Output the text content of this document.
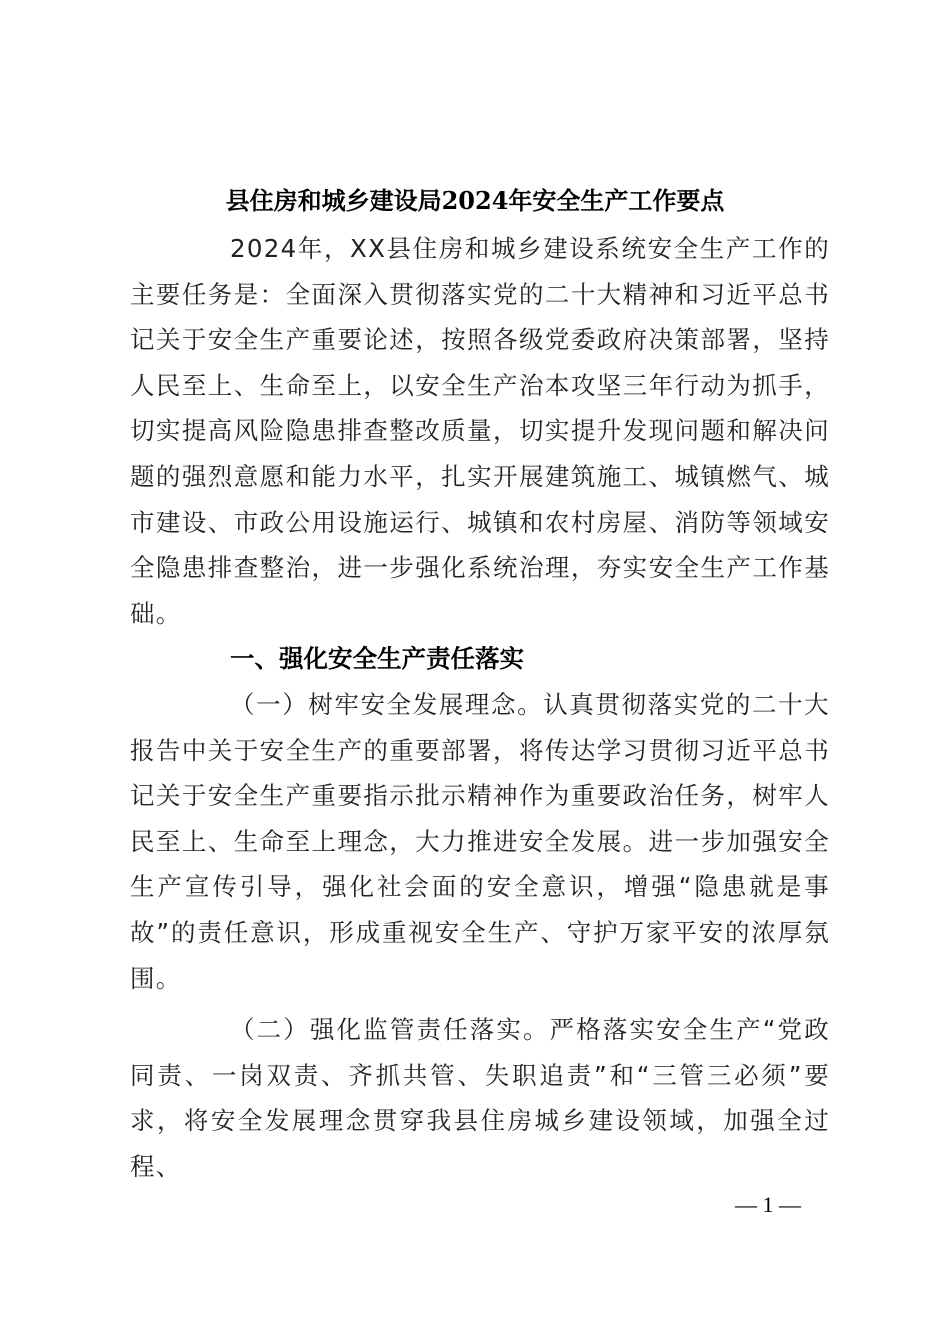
县住房和城乡建设局2024年安全生产工作要点

2024年，XX县住房和城乡建设系统安全生产工作的主要任务是：全面深入贯彻落实党的二十大精神和习近平总书记关于安全生产重要论述，按照各级党委政府决策部署，坚持人民至上、生命至上，以安全生产治本攻坚三年行动为抓手，切实提高风险隐患排查整改质量，切实提升发现问题和解决问题的强烈意愿和能力水平，扎实开展建筑施工、城镇燃气、城市建设、市政公用设施运行、城镇和农村房屋、消防等领域安全隐患排查整治，进一步强化系统治理，夯实安全生产工作基础。

一、强化安全生产责任落实

（一）树牢安全发展理念。认真贯彻落实党的二十大报告中关于安全生产的重要部署，将传达学习贯彻习近平总书记关于安全生产重要指示批示精神作为重要政治任务，树牢人民至上、生命至上理念，大力推进安全发展。进一步加强安全生产宣传引导，强化社会面的安全意识，增强“隐患就是事故”的责任意识，形成重视安全生产、守护万家平安的浓厚氛围。

（二）强化监管责任落实。严格落实安全生产“党政同责、一岗双责、齐抓共管、失职追责”和“三管三必须”要求，将安全发展理念贯穿我县住房城乡建设领域，加强全过程、

— 1 —
